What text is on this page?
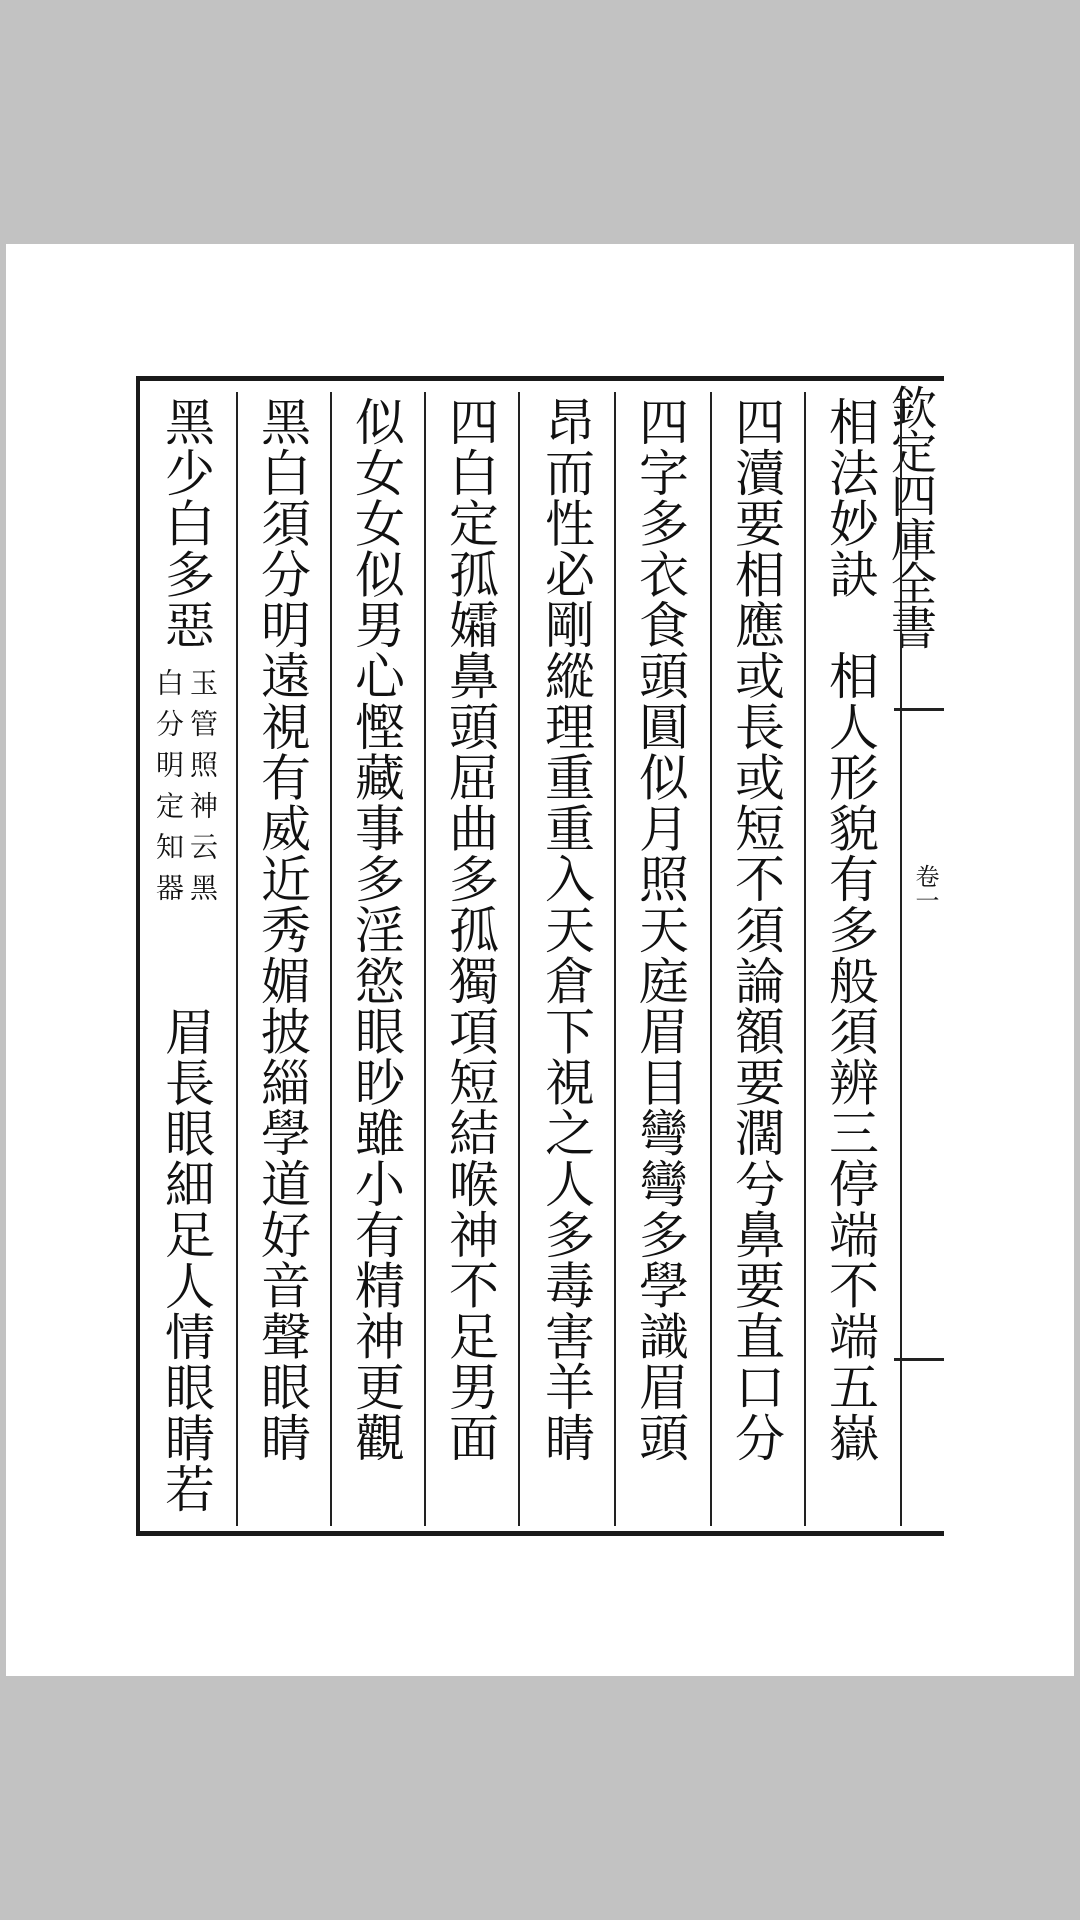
欽定四庫全書
卷一
相法妙訣　相人形貌有多般須辨三停端不端五嶽
四瀆要相應或長或短不須論額要濶兮鼻要直口分
四字多衣食頭圓似月照天庭眉目彎彎多學識眉頭
昂而性必剛縱理重重入天倉下視之人多毒害羊睛
四白定孤孀鼻頭屈曲多孤獨項短結喉神不足男面
似女女似男心慳藏事多淫慾眼眇雖小有精神更觀
黑白須分明遠視有威近秀媚披緇學道好音聲眼睛
黑少白多惡
玉管照神云黑
白分明定知器
眉長眼細足人情眼睛若
